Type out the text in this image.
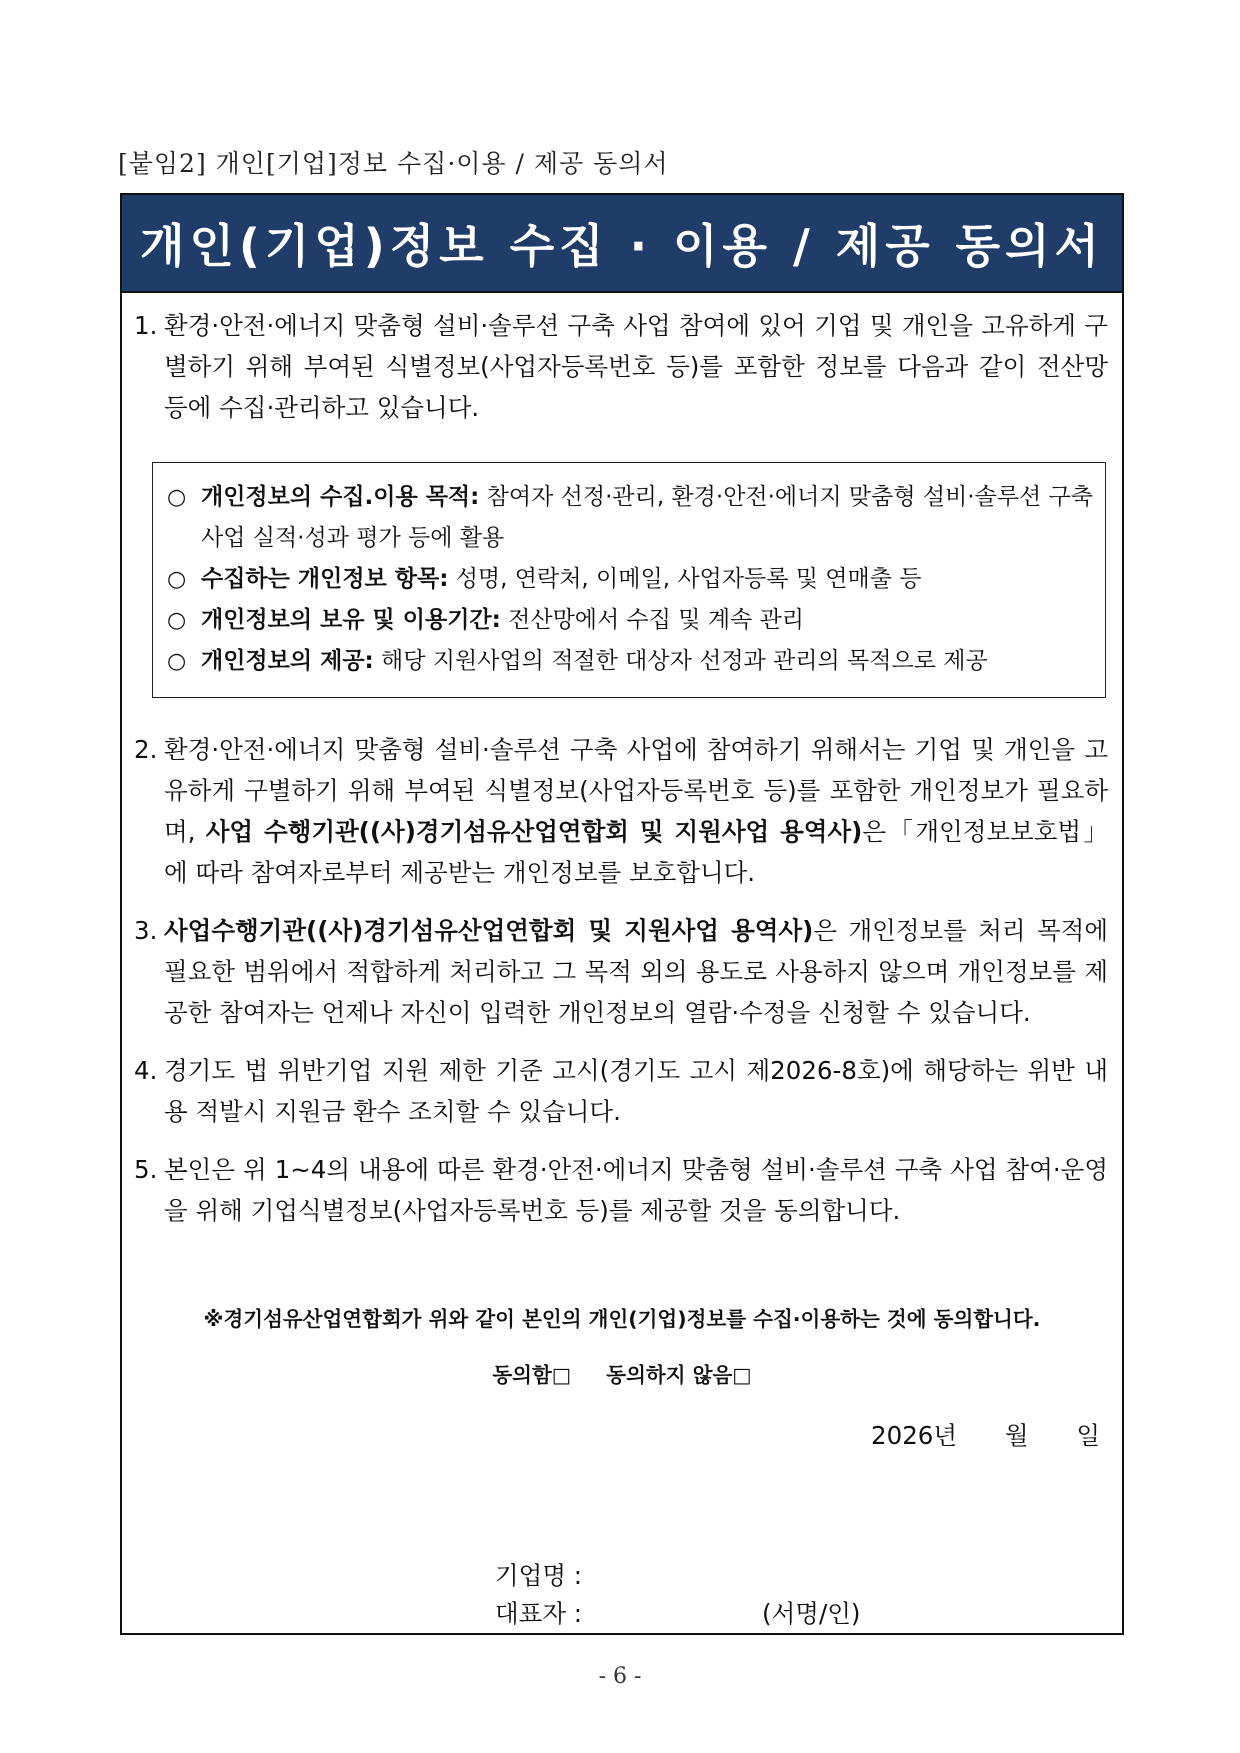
[붙임2] 개인[기업]정보 수집·이용 / 제공 동의서
개인(기업)정보 수집 · 이용 / 제공 동의서
1. 환경·안전·에너지 맞춤형 설비·솔루션 구축 사업 참여에 있어 기업 및 개인을 고유하게 구별하기 위해 부여된 식별정보(사업자등록번호 등)를 포함한 정보를 다음과 같이 전산망 등에 수집·관리하고 있습니다.
○ 개인정보의 수집.이용 목적: 참여자 선정·관리, 환경·안전·에너지 맞춤형 설비·솔루션 구축 사업 실적·성과 평가 등에 활용
○ 수집하는 개인정보 항목: 성명, 연락처, 이메일, 사업자등록 및 연매출 등
○ 개인정보의 보유 및 이용기간: 전산망에서 수집 및 계속 관리
○ 개인정보의 제공: 해당 지원사업의 적절한 대상자 선정과 관리의 목적으로 제공
2. 환경·안전·에너지 맞춤형 설비·솔루션 구축 사업에 참여하기 위해서는 기업 및 개인을 고유하게 구별하기 위해 부여된 식별정보(사업자등록번호 등)를 포함한 개인정보가 필요하며, 사업 수행기관((사)경기섬유산업연합회 및 지원사업 용역사)은「개인정보보호법」에 따라 참여자로부터 제공받는 개인정보를 보호합니다.
3. 사업수행기관((사)경기섬유산업연합회 및 지원사업 용역사)은 개인정보를 처리 목적에 필요한 범위에서 적합하게 처리하고 그 목적 외의 용도로 사용하지 않으며 개인정보를 제공한 참여자는 언제나 자신이 입력한 개인정보의 열람·수정을 신청할 수 있습니다.
4. 경기도 법 위반기업 지원 제한 기준 고시(경기도 고시 제2026-8호)에 해당하는 위반 내용 적발시 지원금 환수 조치할 수 있습니다.
5. 본인은 위 1~4의 내용에 따른 환경·안전·에너지 맞춤형 설비·솔루션 구축 사업 참여·운영을 위해 기업식별정보(사업자등록번호 등)를 제공할 것을 동의합니다.
※경기섬유산업연합회가 위와 같이 본인의 개인(기업)정보를 수집·이용하는 것에 동의합니다.
동의함□ 동의하지 않음□
2026년 월 일
기업명 :
대표자 :	(서명/인)
- 6 -
